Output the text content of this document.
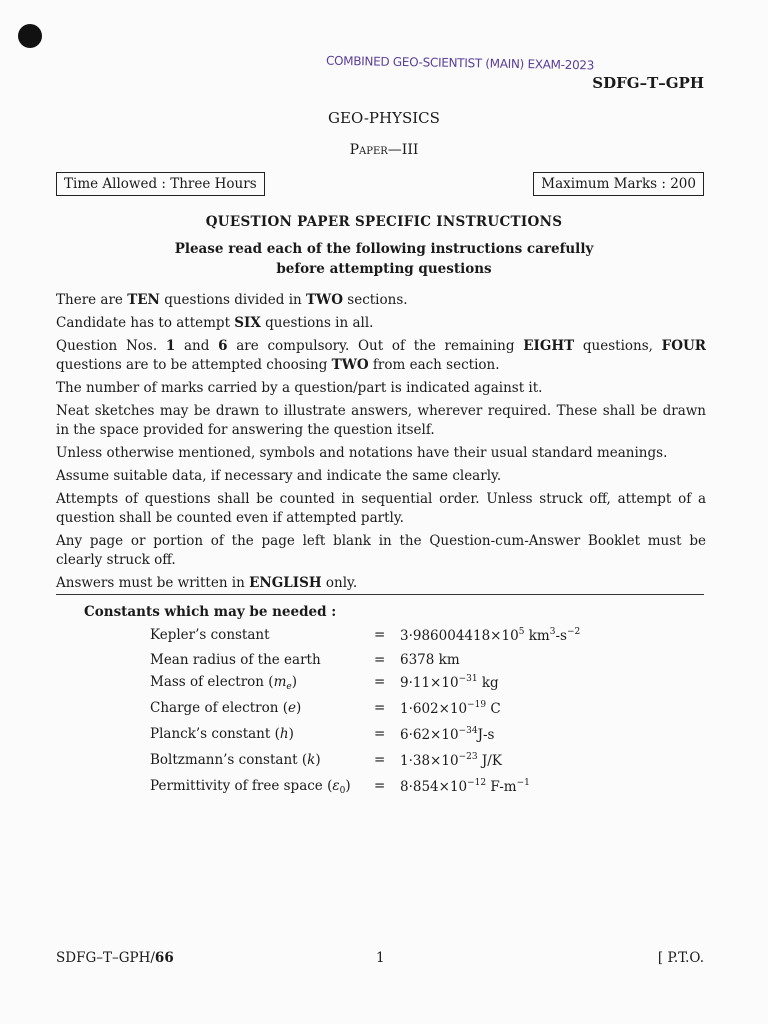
COMBINED GEO-SCIENTIST (MAIN) EXAM-2023
SDFG–T–GPH
GEO-PHYSICS
Paper—III
Time Allowed : Three Hours	Maximum Marks : 200
QUESTION PAPER SPECIFIC INSTRUCTIONS
Please read each of the following instructions carefully
before attempting questions

There are TEN questions divided in TWO sections.

Candidate has to attempt SIX questions in all.

Question Nos. 1 and 6 are compulsory. Out of the remaining EIGHT questions, FOUR questions are to be attempted choosing TWO from each section.

The number of marks carried by a question/part is indicated against it.

Neat sketches may be drawn to illustrate answers, wherever required. These shall be drawn in the space provided for answering the question itself.

Unless otherwise mentioned, symbols and notations have their usual standard meanings.

Assume suitable data, if necessary and indicate the same clearly.

Attempts of questions shall be counted in sequential order. Unless struck off, attempt of a question shall be counted even if attempted partly.

Any page or portion of the page left blank in the Question-cum-Answer Booklet must be clearly struck off.

Answers must be written in ENGLISH only.

Constants which may be needed :
Kepler’s constant	= $3\cdot 986004418\times 10^5$ $km^3-s^{-2}$
Mean radius of the earth	= 6378 km
Mass of electron $(m_e)$	= $9\cdot 11\times 10^{-31}$ kg
Charge of electron (e)	= $1\cdot 602\times 10^{-19}$ C
Planck’s constant (h)	= $6\cdot 62\times 10^{-34}J-s$
Boltzmann’s constant (k)	= $1\cdot 38\times 10^{-23}$ J/K
Permittivity of free space $(\varepsilon_0) = 8\cdot 854\times 10^{-12}$ $F-m^{-1}$
SDFG–T–GPH/66	1	[ P.T.O.
